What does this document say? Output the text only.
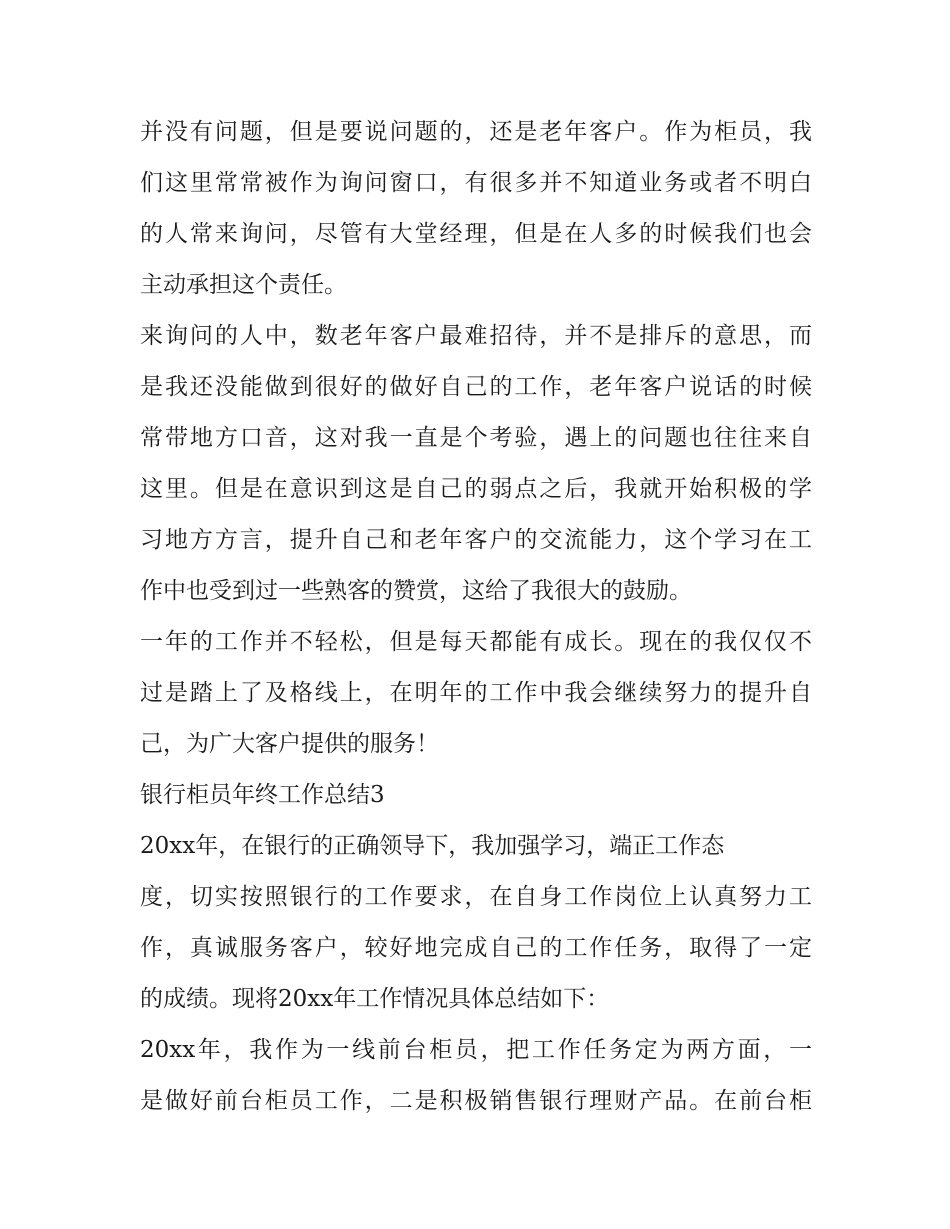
并没有问题，但是要说问题的，还是老年客户。作为柜员，我
们这里常常被作为询问窗口，有很多并不知道业务或者不明白
的人常来询问，尽管有大堂经理，但是在人多的时候我们也会
主动承担这个责任。
来询问的人中，数老年客户最难招待，并不是排斥的意思，而
是我还没能做到很好的做好自己的工作，老年客户说话的时候
常带地方口音，这对我一直是个考验，遇上的问题也往往来自
这里。但是在意识到这是自己的弱点之后，我就开始积极的学
习地方方言，提升自己和老年客户的交流能力，这个学习在工
作中也受到过一些熟客的赞赏，这给了我很大的鼓励。
一年的工作并不轻松，但是每天都能有成长。现在的我仅仅不
过是踏上了及格线上，在明年的工作中我会继续努力的提升自
己，为广大客户提供的服务！
银行柜员年终工作总结3
20xx年，在银行的正确领导下，我加强学习，端正工作态
度，切实按照银行的工作要求，在自身工作岗位上认真努力工
作，真诚服务客户，较好地完成自己的工作任务，取得了一定
的成绩。现将20xx年工作情况具体总结如下：
20xx年，我作为一线前台柜员，把工作任务定为两方面，一
是做好前台柜员工作，二是积极销售银行理财产品。在前台柜
